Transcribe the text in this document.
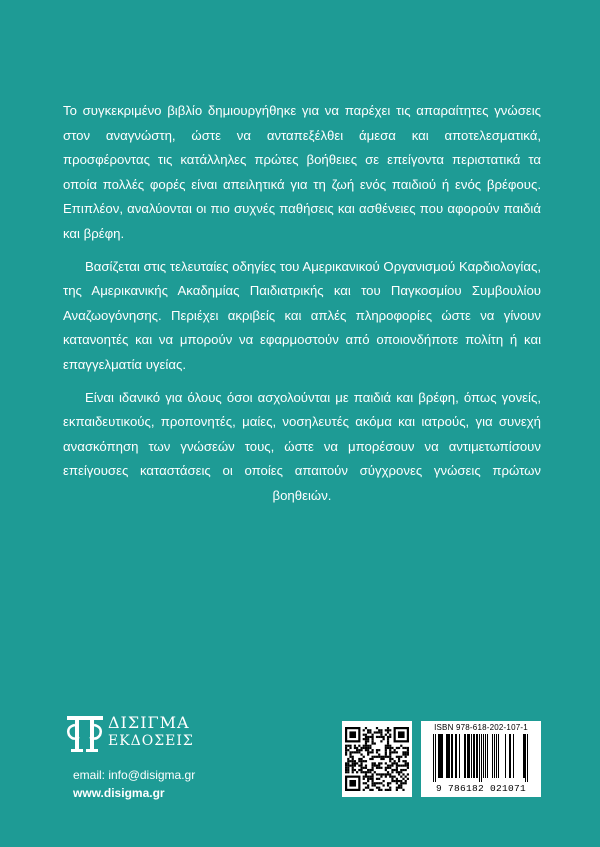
Το συγκεκριμένο βιβλίο δημιουργήθηκε για να παρέχει τις απαραίτητες γνώσεις στον αναγνώστη, ώστε να ανταπεξέλθει άμεσα και αποτελεσματικά, προσφέροντας τις κατάλληλες πρώτες βοήθειες σε επείγοντα περιστατικά τα οποία πολλές φορές είναι απειλητικά για τη ζωή ενός παιδιού ή ενός βρέφους. Επιπλέον, αναλύονται οι πιο συχνές παθήσεις και ασθένειες που αφορούν παιδιά και βρέφη.

Βασίζεται στις τελευταίες οδηγίες του Αμερικανικού Οργανισμού Καρδιολογίας, της Αμερικανικής Ακαδημίας Παιδιατρικής και του Παγκοσμίου Συμβουλίου Αναζωογόνησης. Περιέχει ακριβείς και απλές πληροφορίες ώστε να γίνουν κατανοητές και να μπορούν να εφαρμοστούν από οποιονδήποτε πολίτη ή και επαγγελματία υγείας.

Είναι ιδανικό για όλους όσοι ασχολούνται με παιδιά και βρέφη, όπως γονείς, εκπαιδευτικούς, προπονητές, μαίες, νοσηλευτές ακόμα και ιατρούς, για συνεχή ανασκόπηση των γνώσεών τους, ώστε να μπορέσουν να αντιμετωπίσουν επείγουσες καταστάσεις οι οποίες απαιτούν σύγχρονες γνώσεις πρώτων βοηθειών.

ΔΙΣΙΓΜΑ
ΕΚΔΟΣΕΙΣ
email: info@disigma.gr
www.disigma.gr
ISBN 978-618-202-107-1
9 786182 021071
